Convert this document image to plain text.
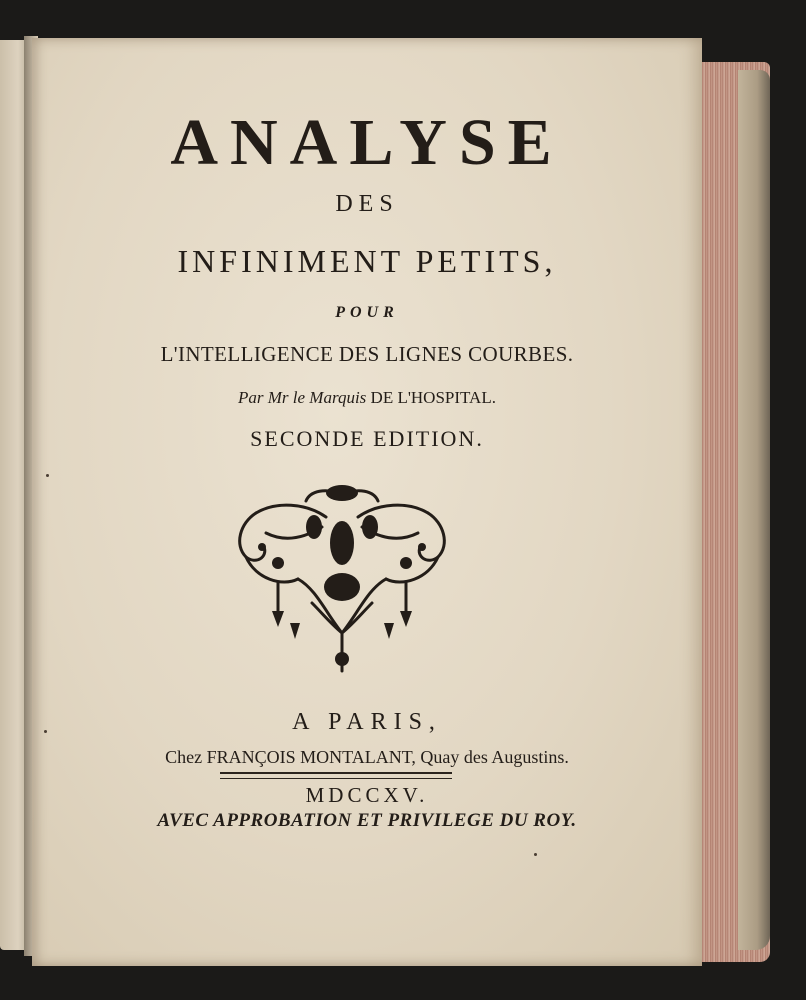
ANALYSE
DES
INFINIMENT PETITS,
POUR
L'INTELLIGENCE DES LIGNES COURBES.
Par Mr le Marquis DE L'HOSPITAL.
SECONDE EDITION.
A PARIS,
Chez FRANÇOIS MONTALANT, Quay des Augustins.
MDCCXV.
AVEC APPROBATION ET PRIVILEGE DU ROY.
